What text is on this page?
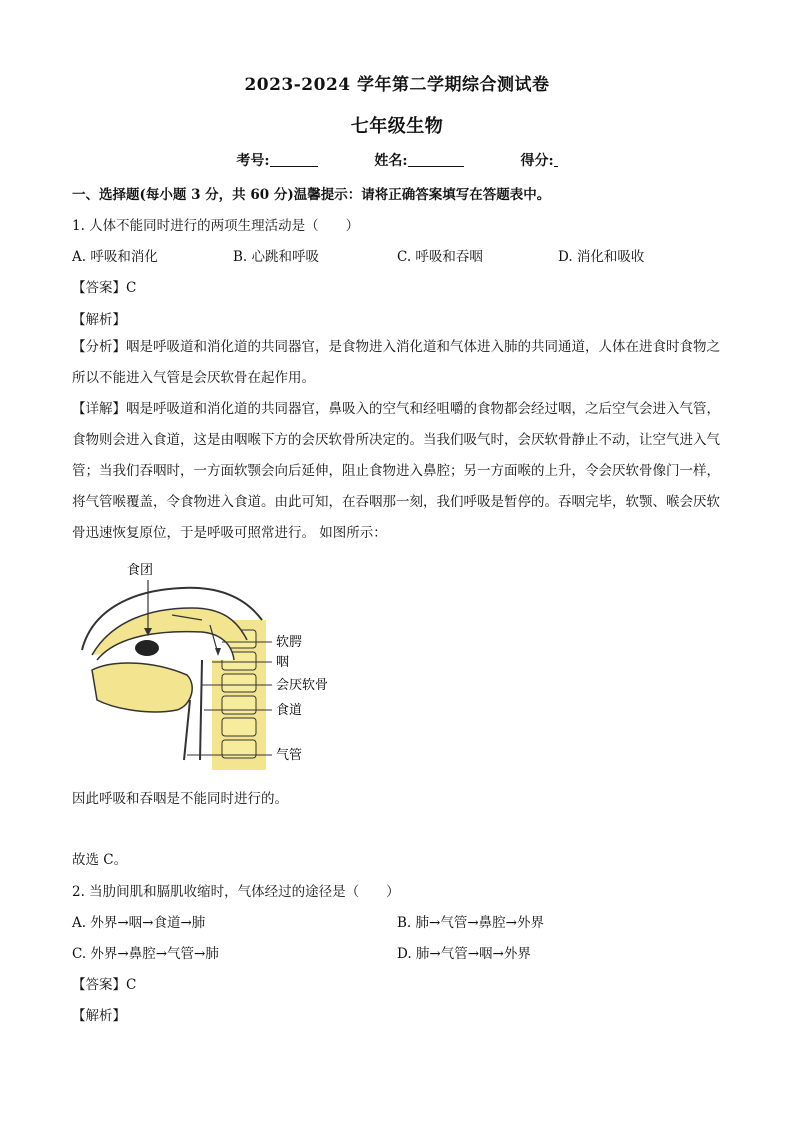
2023-2024 学年第二学期综合测试卷
七年级生物
考号:	姓名:	得分:
一、选择题(每小题 3 分，共 60 分)温馨提示：请将正确答案填写在答题表中。
1. 人体不能同时进行的两项生理活动是（　　）
A. 呼吸和消化	B. 心跳和呼吸	C. 呼吸和吞咽	D. 消化和吸收
【答案】C
【解析】
【分析】咽是呼吸道和消化道的共同器官，是食物进入消化道和气体进入肺的共同通道，人体在进食时食物之所以不能进入气管是会厌软骨在起作用。
【详解】咽是呼吸道和消化道的共同器官，鼻吸入的空气和经咀嚼的食物都会经过咽，之后空气会进入气管，食物则会进入食道，这是由咽喉下方的会厌软骨所决定的。当我们吸气时，会厌软骨静止不动，让空气进入气管；当我们吞咽时，一方面软颚会向后延伸，阻止食物进入鼻腔；另一方面喉的上升，令会厌软骨像门一样，将气管喉覆盖，令食物进入食道。由此可知，在吞咽那一刻，我们呼吸是暂停的。吞咽完毕，软颚、喉会厌软骨迅速恢复原位，于是呼吸可照常进行。 如图所示：
食团
软腭
咽
会厌软骨
食道
气管
因此呼吸和吞咽是不能同时进行的。
故选 C。
2. 当肋间肌和膈肌收缩时，气体经过的途径是（　　）
A. 外界→咽→食道→肺	B. 肺→气管→鼻腔→外界
C. 外界→鼻腔→气管→肺	D. 肺→气管→咽→外界
【答案】C
【解析】
